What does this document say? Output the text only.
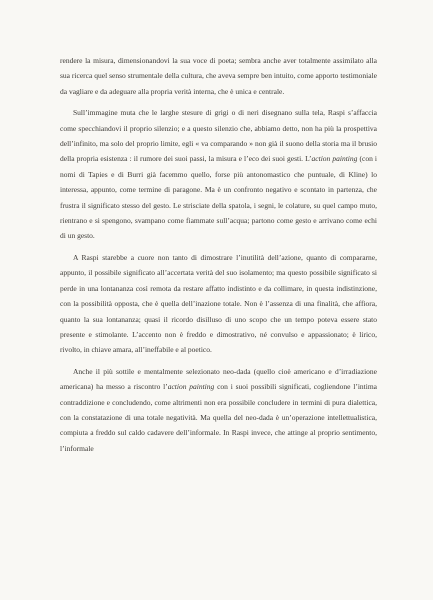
rendere la misura, dimensionandovi la sua voce di poeta; sembra anche aver totalmente assimilato alla sua ricerca quel senso strumentale della cultura, che aveva sempre ben intuito, come apporto testimoniale da vagliare e da adeguare alla propria verità interna, che è unica e centrale.

Sull’immagine muta che le larghe stesure di grigi o di neri disegnano sulla tela, Raspi s’affaccia come specchiandovi il proprio silenzio; e a questo silenzio che, abbiamo detto, non ha più la prospettiva dell’infinito, ma solo del proprio limite, egli « va comparando » non già il suono della storia ma il brusio della propria esistenza : il rumore dei suoi passi, la misura e l’eco dei suoi gesti. L’action painting (con i nomi di Tapies e di Burri già facemmo quello, forse più antonomastico che puntuale, di Kline) lo interessa, appunto, come termine di paragone. Ma è un confronto negativo e scontato in partenza, che frustra il significato stesso del gesto. Le strisciate della spatola, i segni, le colature, su quel campo muto, rientrano e si spengono, svampano come fiammate sull’acqua; partono come gesto e arrivano come echi di un gesto.

A Raspi starebbe a cuore non tanto di dimostrare l’inutilità dell’azione, quanto di compararne, appunto, il possibile significato all’accertata verità del suo isolamento; ma questo possibile significato si perde in una lontananza così remota da restare affatto indistinto e da collimare, in questa indistinzione, con la possibilità opposta, che è quella dell’inazione totale. Non è l’assenza di una finalità, che affiora, quanto la sua lontananza; quasi il ricordo disilluso di uno scopo che un tempo poteva essere stato presente e stimolante. L’accento non è freddo e dimostrativo, né convulso e appassionato; è lirico, rivolto, in chiave amara, all’ineffabile e al poetico.

Anche il più sottile e mentalmente selezionato neo-dada (quello cioè americano e d’irradiazione americana) ha messo a riscontro l’action painting con i suoi possibili significati, cogliendone l’intima contraddizione e concludendo, come altrimenti non era possibile concludere in termini di pura dialettica, con la constatazione di una totale negatività. Ma quella del neo-dada è un’operazione intellettualistica, compiuta a freddo sul caldo cadavere dell’informale. In Raspi invece, che attinge al proprio sentimento, l’informale
